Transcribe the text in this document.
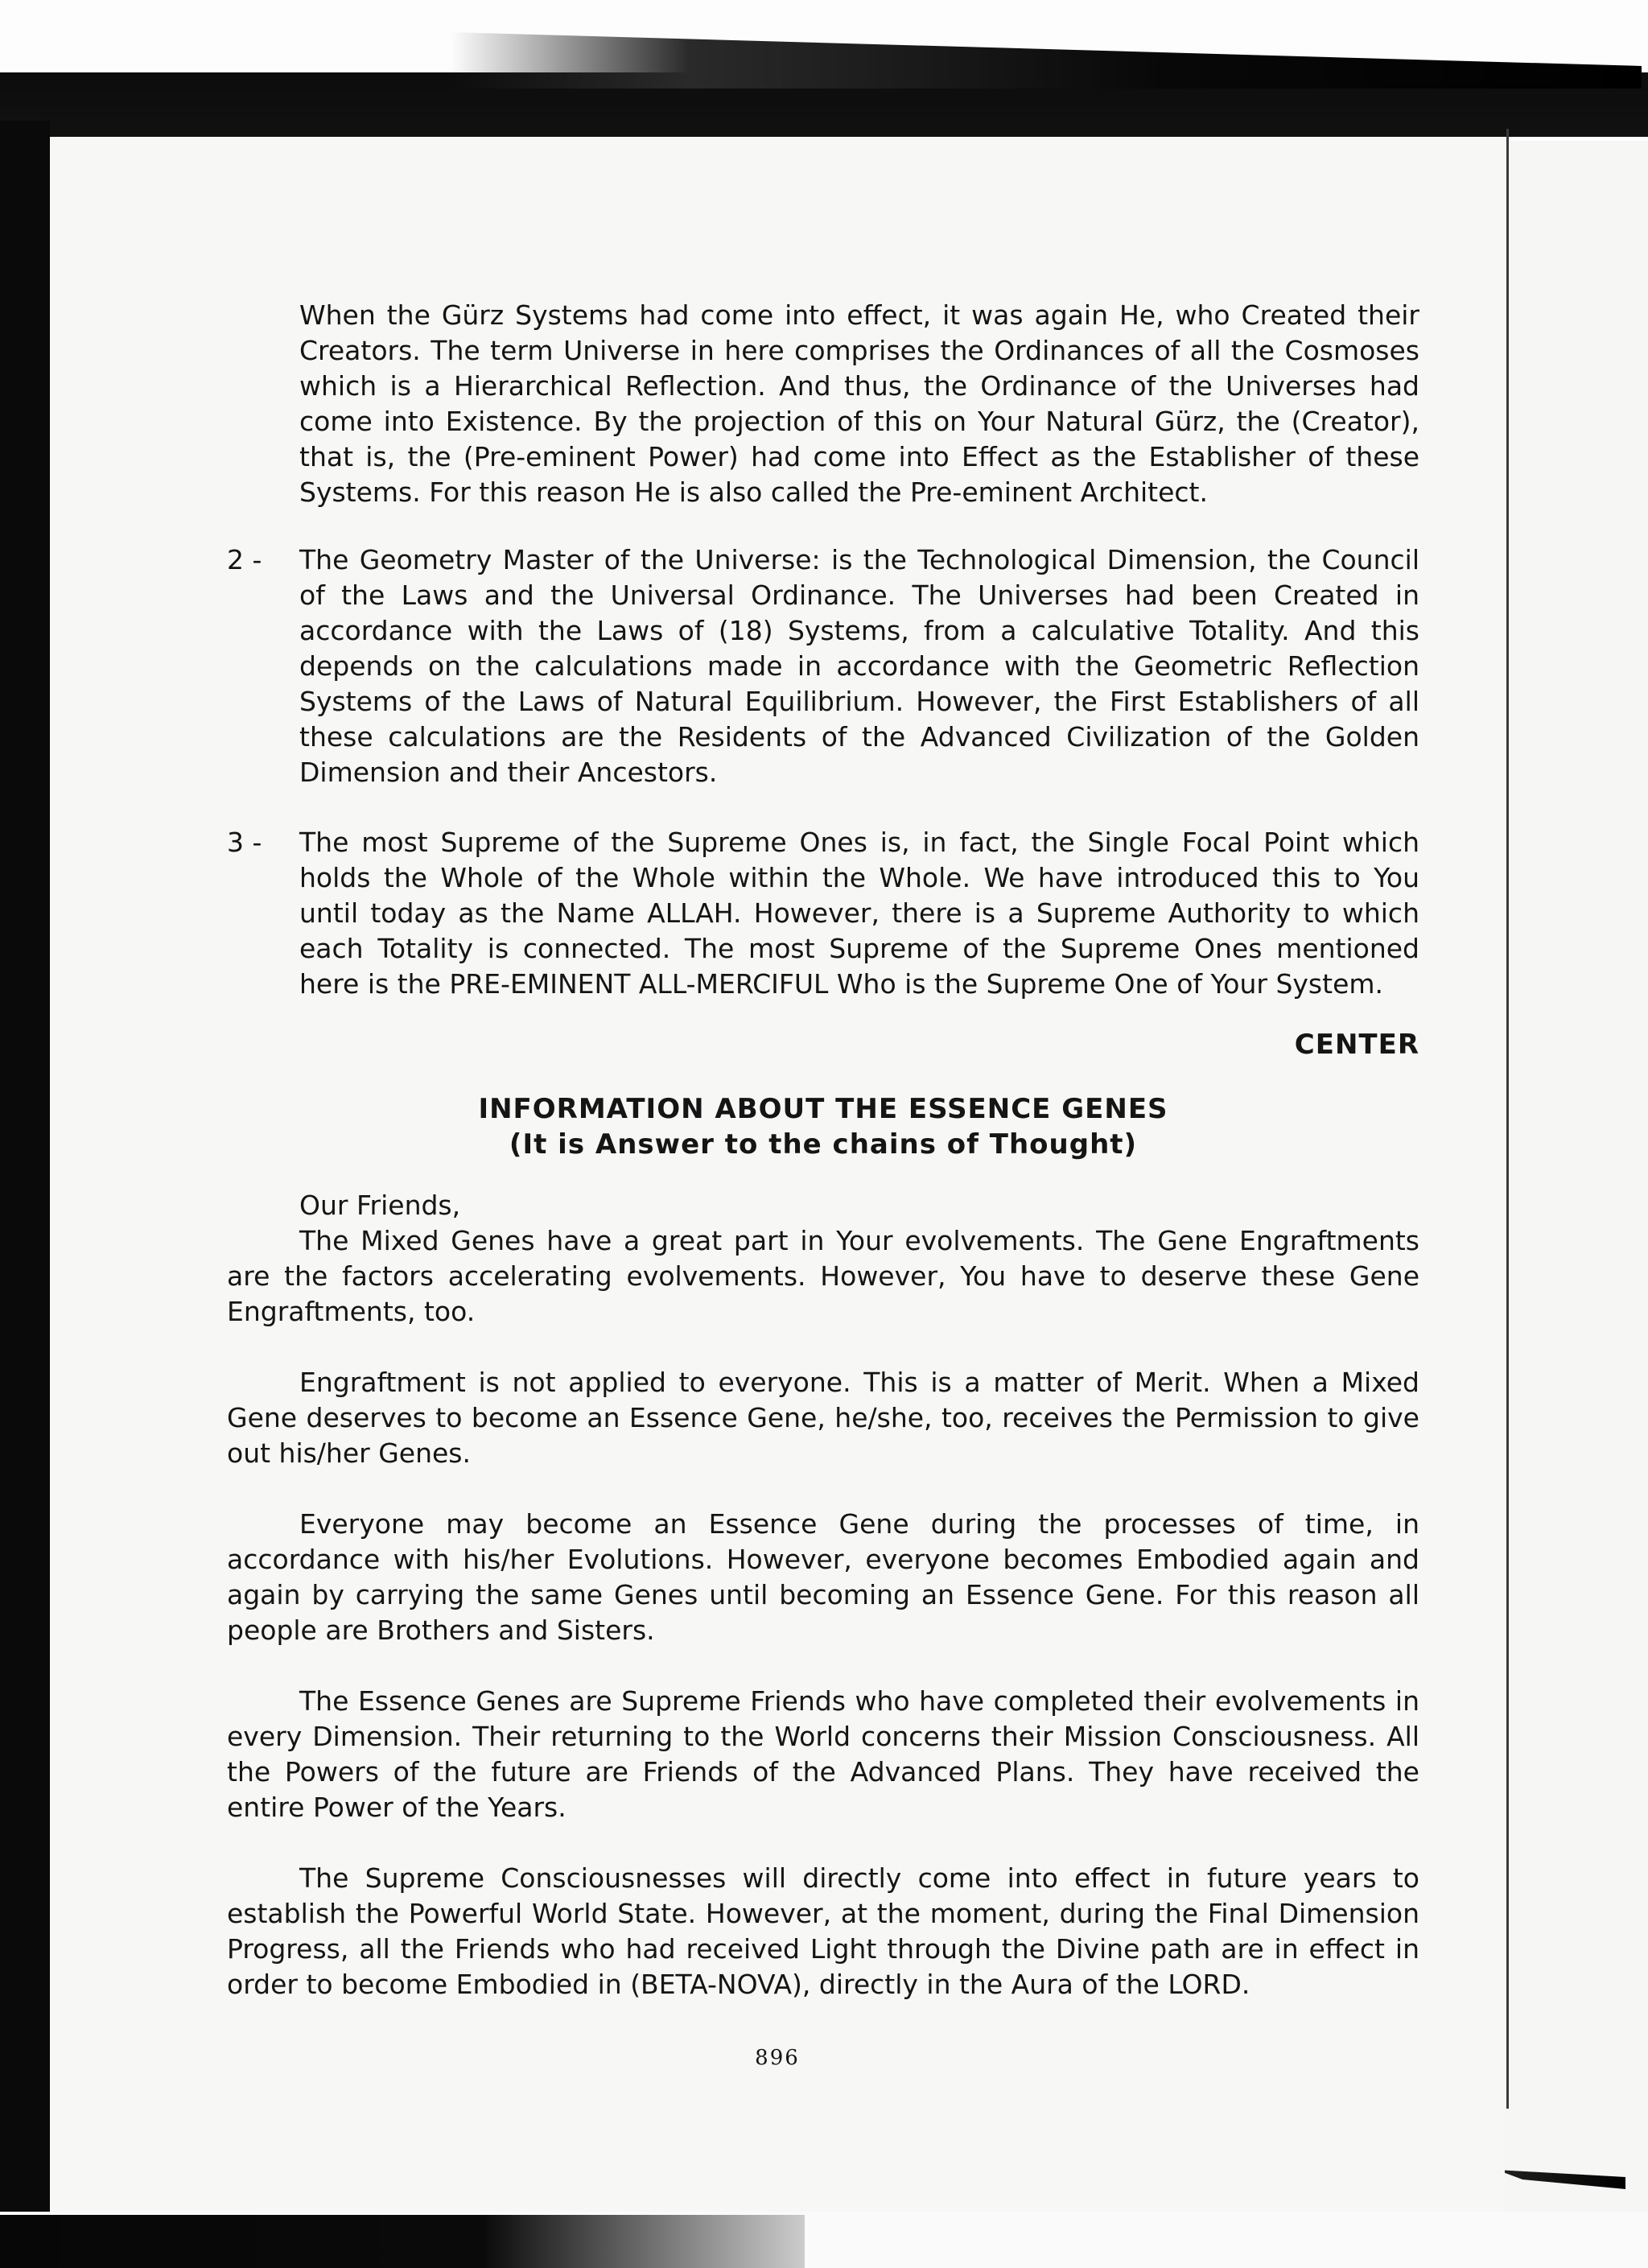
When the Gürz Systems had come into effect, it was again He, who Created their Creators. The term Universe in here comprises the Ordinances of all the Cosmoses which is a Hierarchical Reflection. And thus, the Ordinance of the Universes had come into Existence. By the projection of this on Your Natural Gürz, the (Creator), that is, the (Pre-eminent Power) had come into Effect as the Establisher of these Systems. For this reason He is also called the Pre-eminent Architect.
2 - The Geometry Master of the Universe: is the Technological Dimension, the Council of the Laws and the Universal Ordinance. The Universes had been Created in accordance with the Laws of (18) Systems, from a calculative Totality. And this depends on the calculations made in accordance with the Geometric Reflection Systems of the Laws of Natural Equilibrium. However, the First Establishers of all these calculations are the Residents of the Advanced Civilization of the Golden Dimension and their Ancestors.
3 - The most Supreme of the Supreme Ones is, in fact, the Single Focal Point which holds the Whole of the Whole within the Whole. We have introduced this to You until today as the Name ALLAH. However, there is a Supreme Authority to which each Totality is connected. The most Supreme of the Supreme Ones mentioned here is the PRE-EMINENT ALL-MERCIFUL Who is the Supreme One of Your System.
CENTER
INFORMATION ABOUT THE ESSENCE GENES
(It is Answer to the chains of Thought)
Our Friends,
The Mixed Genes have a great part in Your evolvements. The Gene Engraftments are the factors accelerating evolvements. However, You have to deserve these Gene Engraftments, too.
Engraftment is not applied to everyone. This is a matter of Merit. When a Mixed Gene deserves to become an Essence Gene, he/she, too, receives the Permission to give out his/her Genes.
Everyone may become an Essence Gene during the processes of time, in accordance with his/her Evolutions. However, everyone becomes Embodied again and again by carrying the same Genes until becoming an Essence Gene. For this reason all people are Brothers and Sisters.
The Essence Genes are Supreme Friends who have completed their evolvements in every Dimension. Their returning to the World concerns their Mission Consciousness. All the Powers of the future are Friends of the Advanced Plans. They have received the entire Power of the Years.
The Supreme Consciousnesses will directly come into effect in future years to establish the Powerful World State. However, at the moment, during the Final Dimension Progress, all the Friends who had received Light through the Divine path are in effect in order to become Embodied in (BETA-NOVA), directly in the Aura of the LORD.
896
